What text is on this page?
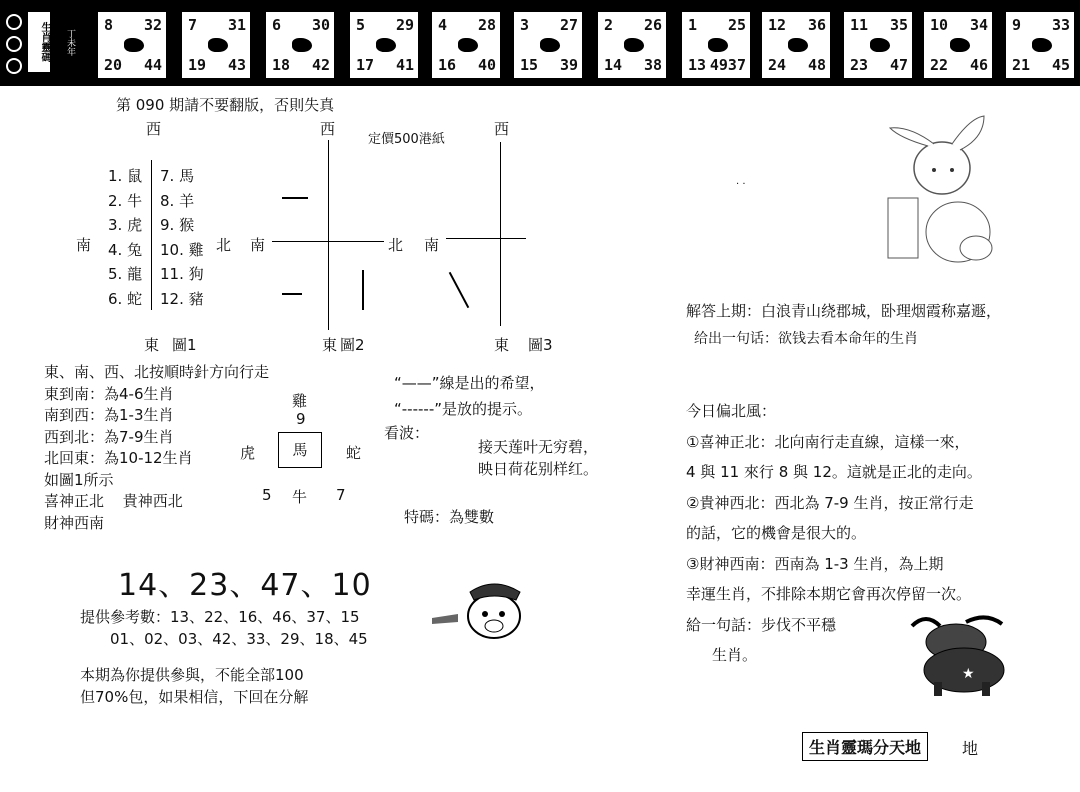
生肖靈碼	丁未年
8 32
20 44
7 31
19 43
6 30
18 42
5 29
17 41
4 28
16 40
3 27
15 39
2 26
14 38
1 25
13 4937
12 36
24 48
11 35
23 47
10 34
22 46
9 33
21 45
第 090 期請不要翻版，否則失真
定價500港紙
西
南	北
東 圖1
1. 鼠
2. 牛
3. 虎
4. 兔
5. 龍
6. 蛇
7. 馬
8. 羊
9. 猴
10. 雞
11. 狗
12. 豬
西
南	北
東 圖2
西
南
東 圖3
東、南、西、北按順時針方向行走
東到南：為4-6生肖
南到西：為1-3生肖
西到北：為7-9生肖
北回東：為10-12生肖
如圖1所示
喜神正北 貴神西北
財神西南
“——”線是出的希望，
“------”是放的提示。
雞
9
虎	馬	蛇
5 牛 7
看波：
接天莲叶无穷碧，
映日荷花别样红。
特碼：為雙數
14、23、47、10
提供參考數：13、22、16、46、37、15
01、02、03、42、33、29、18、45
本期為你提供參與，不能全部100
但70%包，如果相信，下回在分解
. .
解答上期：白浪青山绕郡城，卧理烟霞称嘉遯，
给出一句话：欲钱去看本命年的生肖
今日偏北風：
①喜神正北：北向南行走直線，這樣一來，
4 與 11 來行 8 與 12。這就是正北的走向。
②貴神西北：西北為 7-9 生肖，按正常行走
的話，它的機會是很大的。
③財神西南：西南為 1-3 生肖，為上期
幸運生肖，不排除本期它會再次停留一次。
給一句話：步伐不平穩
生肖。
★
生肖靈瑪分天地	地
